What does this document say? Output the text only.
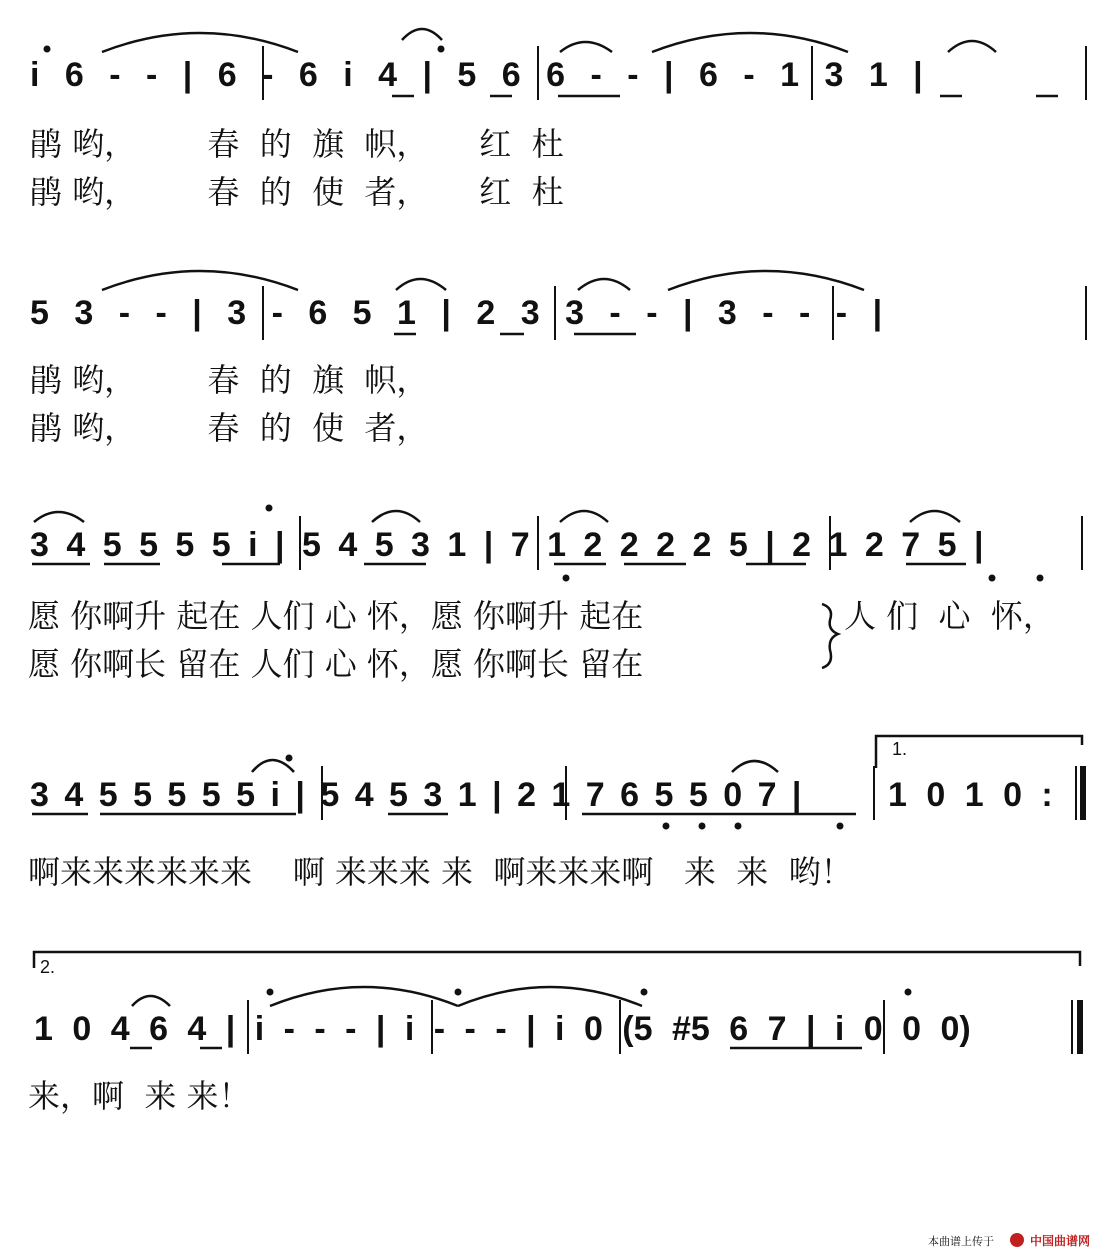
i 6 - - | 6 - 6 i 4 | 5 6 6 - - | 6 - 1 3 1 |
鹃 哟，       春  的  旗  帜，     红  杜
鹃 哟，       春  的  使  者，     红  杜
5 3 - - | 3 - 6 5 1 | 2 3 3 - - | 3 - - - |
鹃 哟，       春  的  旗  帜，
鹃 哟，       春  的  使  者，
3 4 5 5 5 5 i | 5 4 5 3 1 | 7 1 2 2 2 2 5 | 2 1 2 7 5 |
愿 你啊升 起在 人们 心 怀，愿 你啊升 起在
愿 你啊长 留在 人们 心 怀，愿 你啊长 留在
人 们  心  怀，
1.
3 4 5 5 5 5 5 i | 5 4 5 3 1 | 2 1 7 6 5 5 0 7 |	1 0 1 0 :
啊来来来来来来    啊 来来来 来  啊来来来啊   来  来  哟！
2.
1 0 4 6 4 | i - - - | i - - - | i 0 (5 #5 6 7 | i 0 0 0)
来，啊  来 来！
本曲谱上传于	中国曲谱网
